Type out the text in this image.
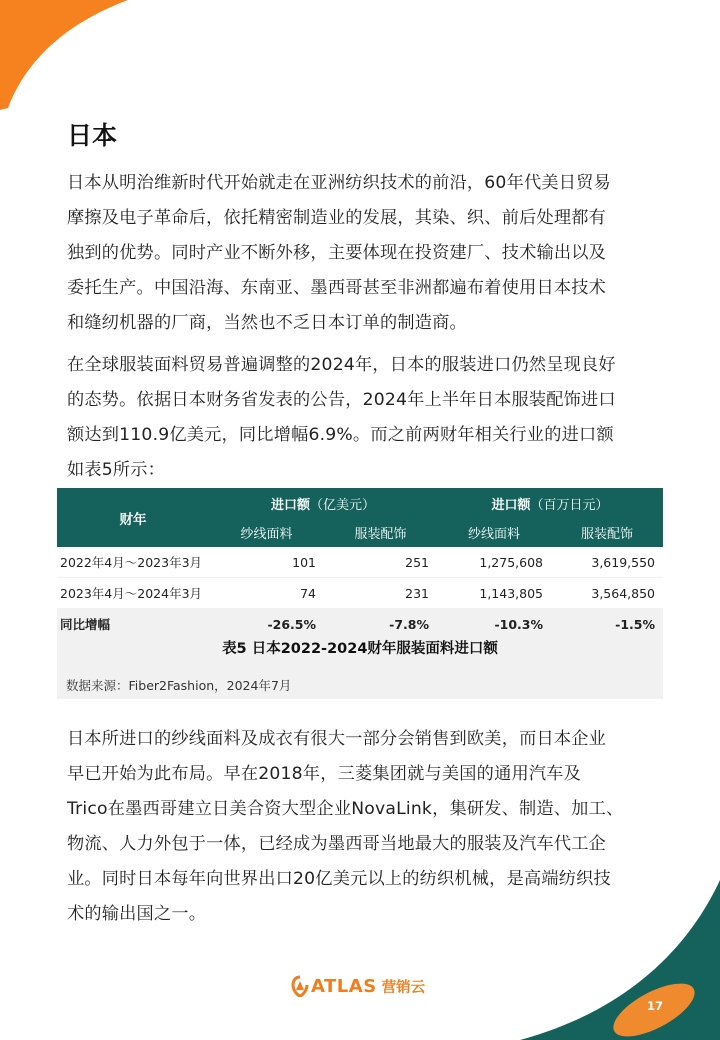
日本
日本从明治维新时代开始就走在亚洲纺织技术的前沿，60年代美日贸易
摩擦及电子革命后，依托精密制造业的发展，其染、织、前后处理都有
独到的优势。同时产业不断外移，主要体现在投资建厂、技术输出以及
委托生产。中国沿海、东南亚、墨西哥甚至非洲都遍布着使用日本技术
和缝纫机器的厂商，当然也不乏日本订单的制造商。
在全球服装面料贸易普遍调整的2024年，日本的服装进口仍然呈现良好
的态势。依据日本财务省发表的公告，2024年上半年日本服装配饰进口
额达到110.9亿美元，同比增幅6.9%。而之前两财年相关行业的进口额
如表5所示：
财年	进口额（亿美元）		进口额（百万日元）	
	纱线面料	服装配饰	纱线面料	服装配饰
2022年4月～2023年3月	101	251	1,275,608	3,619,550
2023年4月～2024年3月	74	231	1,143,805	3,564,850
同比增幅	-26.5%	-7.8%	-10.3%	-1.5%
表5 日本2022-2024财年服装面料进口额
数据来源：Fiber2Fashion，2024年7月
日本所进口的纱线面料及成衣有很大一部分会销售到欧美，而日本企业
早已开始为此布局。早在2018年，三菱集团就与美国的通用汽车及
Trico在墨西哥建立日美合资大型企业NovaLink，集研发、制造、加工、
物流、人力外包于一体，已经成为墨西哥当地最大的服装及汽车代工企
业。同时日本每年向世界出口20亿美元以上的纺织机械，是高端纺织技
术的输出国之一。
ATLAS 营销云
17
